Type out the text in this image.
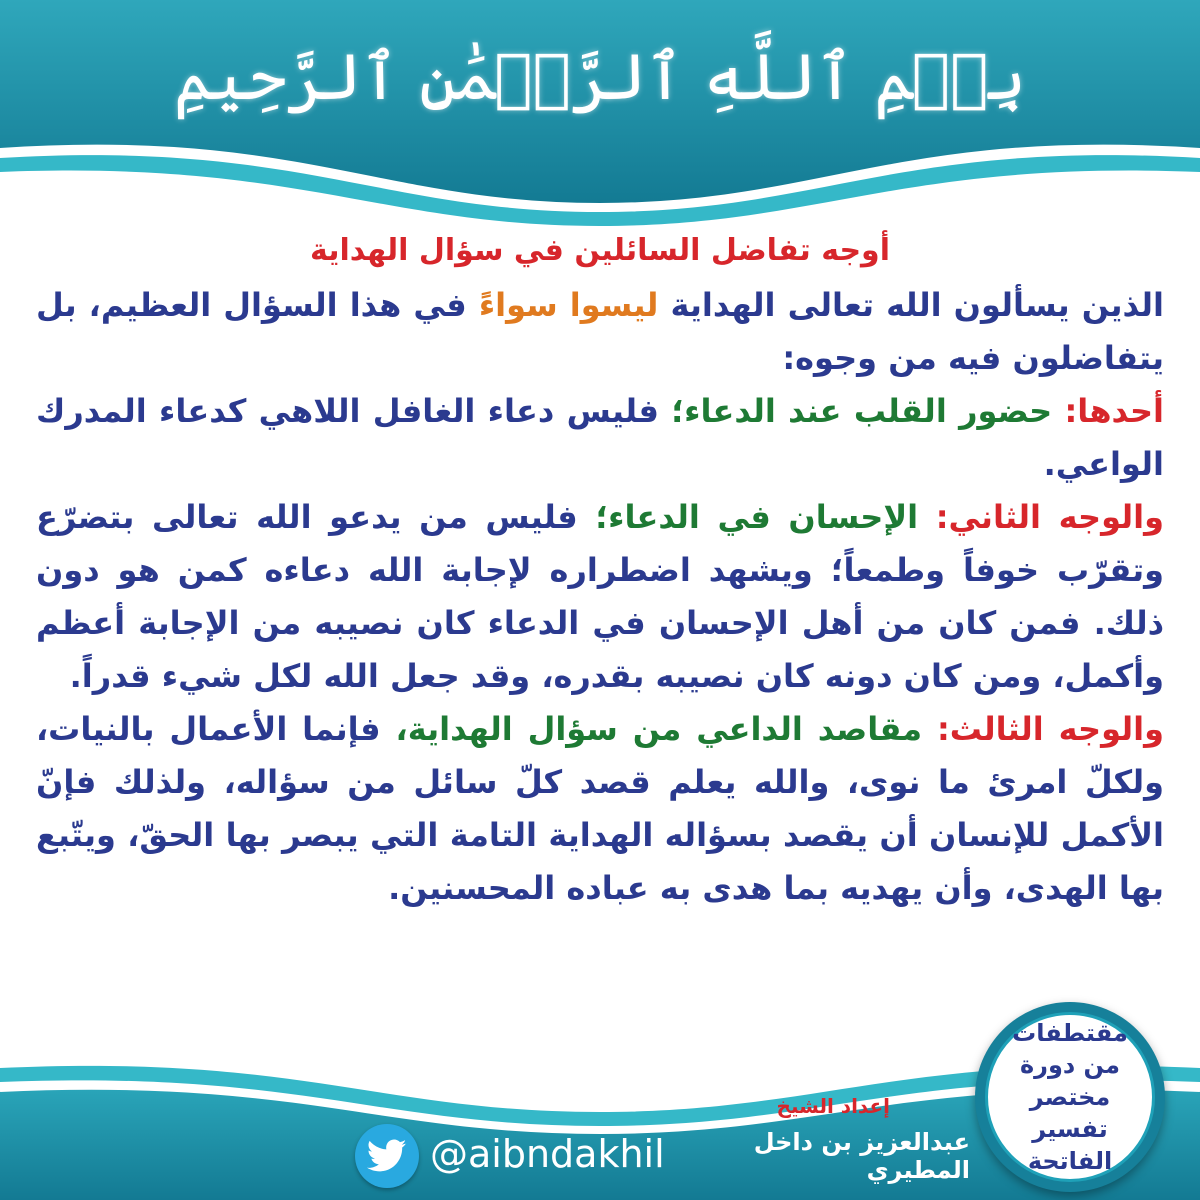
بِسۡمِ ٱللَّهِ ٱلرَّحۡمَٰنِ ٱلرَّحِيمِ
أوجه تفاضل السائلين في سؤال الهداية

الذين يسألون الله تعالى الهداية ليسوا سواءً في هذا السؤال العظيم، بل يتفاضلون فيه من وجوه:

أحدها: حضور القلب عند الدعاء؛ فليس دعاء الغافل اللاهي كدعاء المدرك الواعي.

والوجه الثاني: الإحسان في الدعاء؛ فليس من يدعو الله تعالى بتضرّع وتقرّب خوفاً وطمعاً؛ ويشهد اضطراره لإجابة الله دعاءه كمن هو دون ذلك. فمن كان من أهل الإحسان في الدعاء كان نصيبه من الإجابة أعظم وأكمل، ومن كان دونه كان نصيبه بقدره، وقد جعل الله لكل شيء قدراً.

والوجه الثالث: مقاصد الداعي من سؤال الهداية، فإنما الأعمال بالنيات، ولكلّ امرئ ما نوى، والله يعلم قصد كلّ سائل من سؤاله، ولذلك فإنّ الأكمل للإنسان أن يقصد بسؤاله الهداية التامة التي يبصر بها الحقّ، ويتّبع بها الهدى، وأن يهديه بما هدى به عباده المحسنين.

@aibndakhil
إعداد الشيخ
عبدالعزيز بن داخل المطيري
مقتطفات
من دورة
مختصر تفسير
الفاتحة
